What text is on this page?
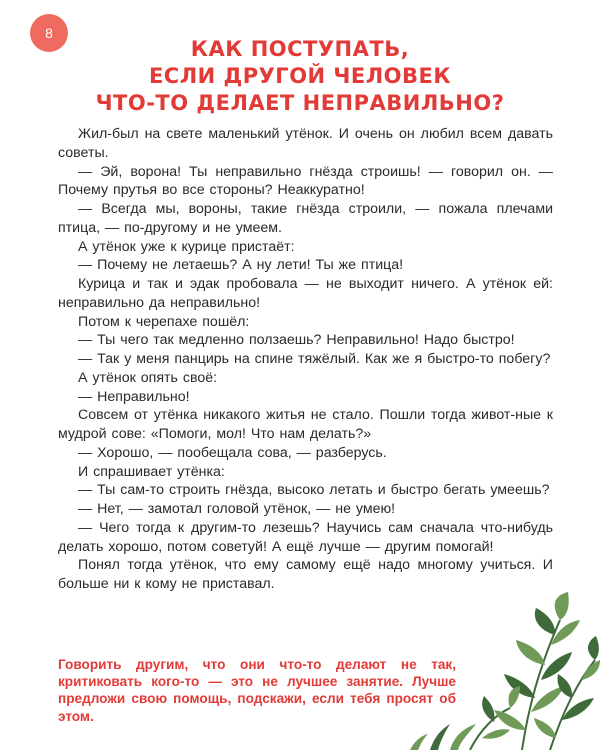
8
КАК ПОСТУПАТЬ,
ЕСЛИ ДРУГОЙ ЧЕЛОВЕК
ЧТО-ТО ДЕЛАЕТ НЕПРАВИЛЬНО?

Жил-был на свете маленький утёнок. И очень он любил всем давать советы.

— Эй, ворона! Ты неправильно гнёзда строишь! — говорил он. — Почему прутья во все стороны? Неаккуратно!

— Всегда мы, вороны, такие гнёзда строили, — пожала плечами птица, — по-другому и не умеем.

А утёнок уже к курице пристаёт:

— Почему не летаешь? А ну лети! Ты же птица!

Курица и так и эдак пробовала — не выходит ничего. А утёнок ей: неправильно да неправильно!

Потом к черепахе пошёл:

— Ты чего так медленно ползаешь? Неправильно! Надо быстро!

— Так у меня панцирь на спине тяжёлый. Как же я быстро-то побегу?

А утёнок опять своё:

— Неправильно!

Совсем от утёнка никакого житья не стало. Пошли тогда живот-ные к мудрой сове: «Помоги, мол! Что нам делать?»

— Хорошо, — пообещала сова, — разберусь.

И спрашивает утёнка:

— Ты сам-то строить гнёзда, высоко летать и быстро бегать умеешь?

— Нет, — замотал головой утёнок, — не умею!

— Чего тогда к другим-то лезешь? Научись сам сначала что-нибудь делать хорошо, потом советуй! А ещё лучше — другим помогай!

Понял тогда утёнок, что ему самому ещё надо многому учиться. И больше ни к кому не приставал.

Говорить другим, что они что-то делают не так, критиковать кого-то — это не лучшее занятие. Лучше предложи свою помощь, подскажи, если тебя просят об этом.
